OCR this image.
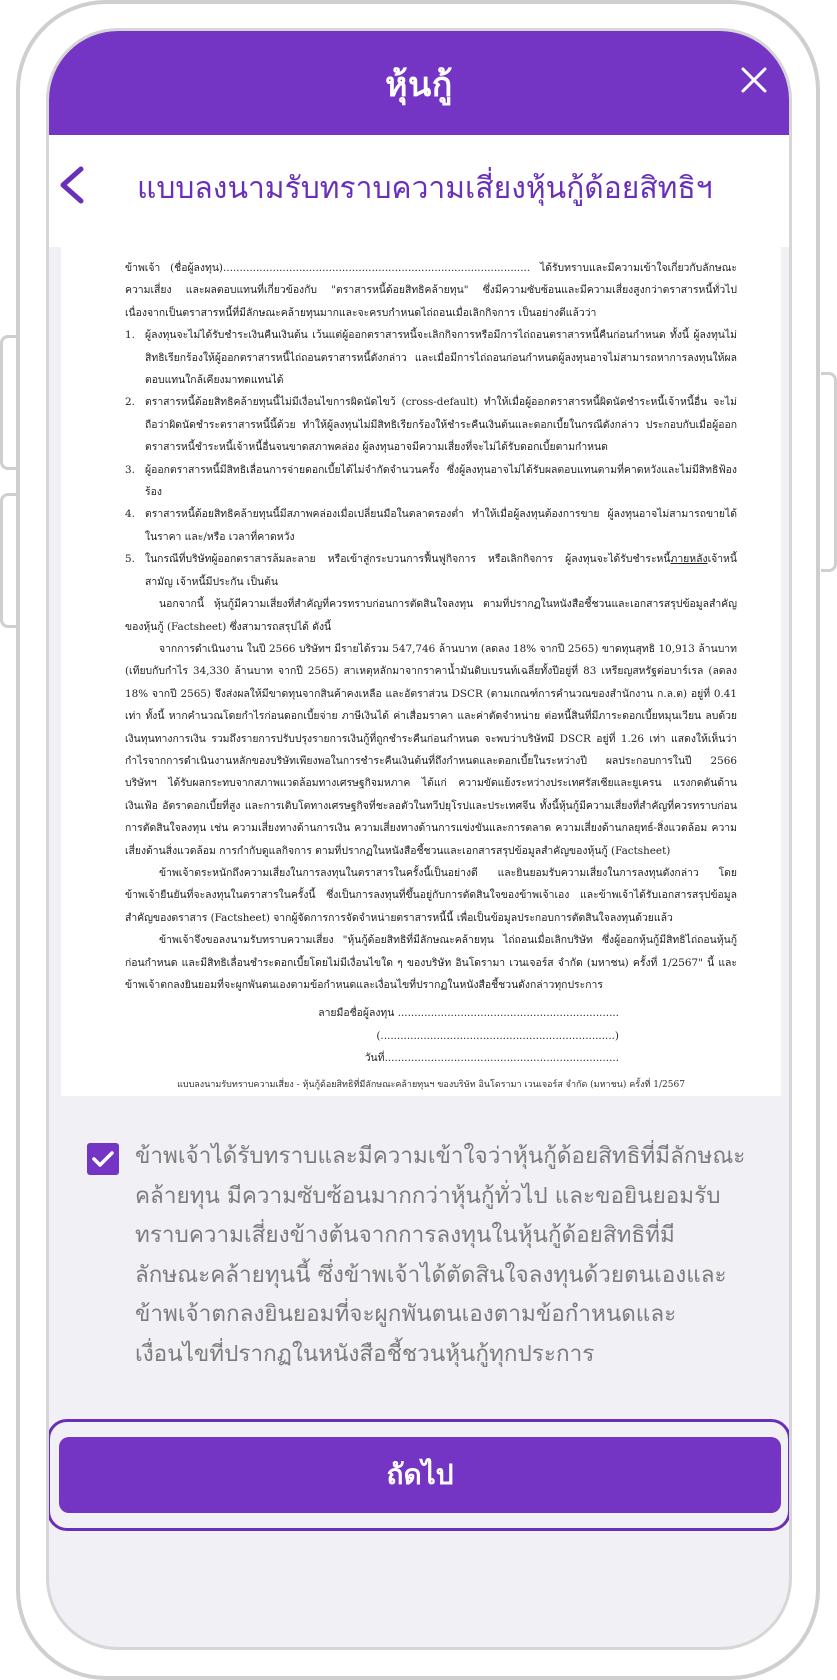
หุ้นกู้
แบบลงนามรับทราบความเสี่ยงหุ้นกู้ด้อยสิทธิฯ

ข้าพเจ้า (ชื่อผู้ลงทุน)............................................................................................. ได้รับทราบและมีความเข้าใจเกี่ยวกับลักษณะ ความเสี่ยง และผลตอบแทนที่เกี่ยวข้องกับ "ตราสารหนี้ด้อยสิทธิคล้ายทุน" ซึ่งมีความซับซ้อนและมีความเสี่ยงสูงกว่าตราสารหนี้ทั่วไป เนื่องจากเป็นตราสารหนี้ที่มีลักษณะคล้ายทุนมากและจะครบกำหนดไถ่ถอนเมื่อเลิกกิจการ เป็นอย่างดีแล้วว่า

1. ผู้ลงทุนจะไม่ได้รับชำระเงินคืนเงินต้น เว้นแต่ผู้ออกตราสารหนี้จะเลิกกิจการหรือมีการไถ่ถอนตราสารหนี้คืนก่อนกำหนด ทั้งนี้ ผู้ลงทุนไม่สิทธิเรียกร้องให้ผู้ออกตราสารหนี้ไถ่ถอนตราสารหนี้ดังกล่าว และเมื่อมีการไถ่ถอนก่อนกำหนดผู้ลงทุนอาจไม่สามารถหาการลงทุนให้ผลตอบแทนใกล้เคียงมาทดแทนได้
2. ตราสารหนี้ด้อยสิทธิคล้ายทุนนี้ไม่มีเงื่อนไขการผิดนัดไขว้ (cross-default) ทำให้เมื่อผู้ออกตราสารหนี้ผิดนัดชำระหนี้เจ้าหนี้อื่น จะไม่ถือว่าผิดนัดชำระตราสารหนี้นี้ด้วย ทำให้ผู้ลงทุนไม่มีสิทธิเรียกร้องให้ชำระคืนเงินต้นและดอกเบี้ยในกรณีดังกล่าว ประกอบกับเมื่อผู้ออกตราสารหนี้ชำระหนี้เจ้าหนี้อื่นจนขาดสภาพคล่อง ผู้ลงทุนอาจมีความเสี่ยงที่จะไม่ได้รับดอกเบี้ยตามกำหนด
3. ผู้ออกตราสารหนี้มีสิทธิเลื่อนการจ่ายดอกเบี้ยได้ไม่จำกัดจำนวนครั้ง ซึ่งผู้ลงทุนอาจไม่ได้รับผลตอบแทนตามที่คาดหวังและไม่มีสิทธิฟ้องร้อง
4. ตราสารหนี้ด้อยสิทธิคล้ายทุนนี้มีสภาพคล่องเมื่อเปลี่ยนมือในตลาดรองต่ำ ทำให้เมื่อผู้ลงทุนต้องการขาย ผู้ลงทุนอาจไม่สามารถขายได้ในราคา และ/หรือ เวลาที่คาดหวัง
5. ในกรณีที่บริษัทผู้ออกตราสารล้มละลาย หรือเข้าสู่กระบวนการฟื้นฟูกิจการ หรือเลิกกิจการ ผู้ลงทุนจะได้รับชำระหนี้ภายหลังเจ้าหนี้สามัญ เจ้าหนี้มีประกัน เป็นต้น

นอกจากนี้ หุ้นกู้มีความเสี่ยงที่สำคัญที่ควรทราบก่อนการตัดสินใจลงทุน ตามที่ปรากฏในหนังสือชี้ชวนและเอกสารสรุปข้อมูลสำคัญของหุ้นกู้ (Factsheet) ซึ่งสามารถสรุปได้ ดังนี้

จากการดำเนินงาน ในปี 2566 บริษัทฯ มีรายได้รวม 547,746 ล้านบาท (ลดลง 18% จากปี 2565) ขาดทุนสุทธิ 10,913 ล้านบาท (เทียบกับกำไร 34,330 ล้านบาท จากปี 2565) สาเหตุหลักมาจากราคาน้ำมันดิบเบรนท์เฉลี่ยทั้งปีอยู่ที่ 83 เหรียญสหรัฐต่อบาร์เรล (ลดลง 18% จากปี 2565) จึงส่งผลให้มีขาดทุนจากสินค้าคงเหลือ และอัตราส่วน DSCR (ตามเกณฑ์การคำนวณของสำนักงาน ก.ล.ต) อยู่ที่ 0.41 เท่า ทั้งนี้ หากคำนวณโดยกำไรก่อนดอกเบี้ยจ่าย ภาษีเงินได้ ค่าเสื่อมราคา และค่าตัดจำหน่าย ต่อหนี้สินที่มีภาระดอกเบี้ยหมุนเวียน ลบด้วยเงินทุนทางการเงิน รวมถึงรายการปรับปรุงรายการเงินกู้ที่ถูกชำระคืนก่อนกำหนด จะพบว่าบริษัทมี DSCR อยู่ที่ 1.26 เท่า แสดงให้เห็นว่ากำไรจากการดำเนินงานหลักของบริษัทเพียงพอในการชำระคืนเงินต้นที่ถึงกำหนดและดอกเบี้ยในระหว่างปี ผลประกอบการในปี 2566 บริษัทฯ ได้รับผลกระทบจากสภาพแวดล้อมทางเศรษฐกิจมหภาค ได้แก่ ความขัดแย้งระหว่างประเทศรัสเซียและยูเครน แรงกดดันด้านเงินเฟ้อ อัตราดอกเบี้ยที่สูง และการเติบโตทางเศรษฐกิจที่ชะลอตัวในทวีปยุโรปและประเทศจีน ทั้งนี้หุ้นกู้มีความเสี่ยงที่สำคัญที่ควรทราบก่อนการตัดสินใจลงทุน เช่น ความเสี่ยงทางด้านการเงิน ความเสี่ยงทางด้านการแข่งขันและการตลาด ความเสี่ยงด้านกลยุทธ์-สิ่งแวดล้อม ความเสี่ยงด้านสิ่งแวดล้อม การกำกับดูแลกิจการ ตามที่ปรากฏในหนังสือชี้ชวนและเอกสารสรุปข้อมูลสำคัญของหุ้นกู้ (Factsheet)

ข้าพเจ้าตระหนักถึงความเสี่ยงในการลงทุนในตราสารในครั้งนี้เป็นอย่างดี และยินยอมรับความเสี่ยงในการลงทุนดังกล่าว โดยข้าพเจ้ายืนยันที่จะลงทุนในตราสารในครั้งนี้ ซึ่งเป็นการลงทุนที่ขึ้นอยู่กับการตัดสินใจของข้าพเจ้าเอง และข้าพเจ้าได้รับเอกสารสรุปข้อมูลสำคัญของตราสาร (Factsheet) จากผู้จัดการการจัดจำหน่ายตราสารหนี้นี้ เพื่อเป็นข้อมูลประกอบการตัดสินใจลงทุนด้วยแล้ว

ข้าพเจ้าจึงขอลงนามรับทราบความเสี่ยง "หุ้นกู้ด้อยสิทธิที่มีลักษณะคล้ายทุน ไถ่ถอนเมื่อเลิกบริษัท ซึ่งผู้ออกหุ้นกู้มีสิทธิไถ่ถอนหุ้นกู้ก่อนกำหนด และมีสิทธิเลื่อนชำระดอกเบี้ยโดยไม่มีเงื่อนไขใด ๆ ของบริษัท อินโดรามา เวนเจอร์ส จำกัด (มหาชน) ครั้งที่ 1/2567" นี้ และข้าพเจ้าตกลงยินยอมที่จะผูกพันตนเองตามข้อกำหนดและเงื่อนไขที่ปรากฏในหนังสือชี้ชวนดังกล่าวทุกประการ

ลายมือชื่อผู้ลงทุน ...................................................................
(.......................................................................)
วันที่.......................................................................
แบบลงนามรับทราบความเสี่ยง - หุ้นกู้ด้อยสิทธิที่มีลักษณะคล้ายทุนฯ ของบริษัท อินโดรามา เวนเจอร์ส จำกัด (มหาชน) ครั้งที่ 1/2567
ข้าพเจ้าได้รับทราบและมีความเข้าใจว่าหุ้นกู้ด้อยสิทธิที่มีลักษณะคล้ายทุน มีความซับซ้อนมากกว่าหุ้นกู้ทั่วไป และขอยินยอมรับทราบความเสี่ยงข้างต้นจากการลงทุนในหุ้นกู้ด้อยสิทธิที่มีลักษณะคล้ายทุนนี้ ซึ่งข้าพเจ้าได้ตัดสินใจลงทุนด้วยตนเองและข้าพเจ้าตกลงยินยอมที่จะผูกพันตนเองตามข้อกำหนดและเงื่อนไขที่ปรากฏในหนังสือชี้ชวนหุ้นกู้ทุกประการ
ถัดไป
